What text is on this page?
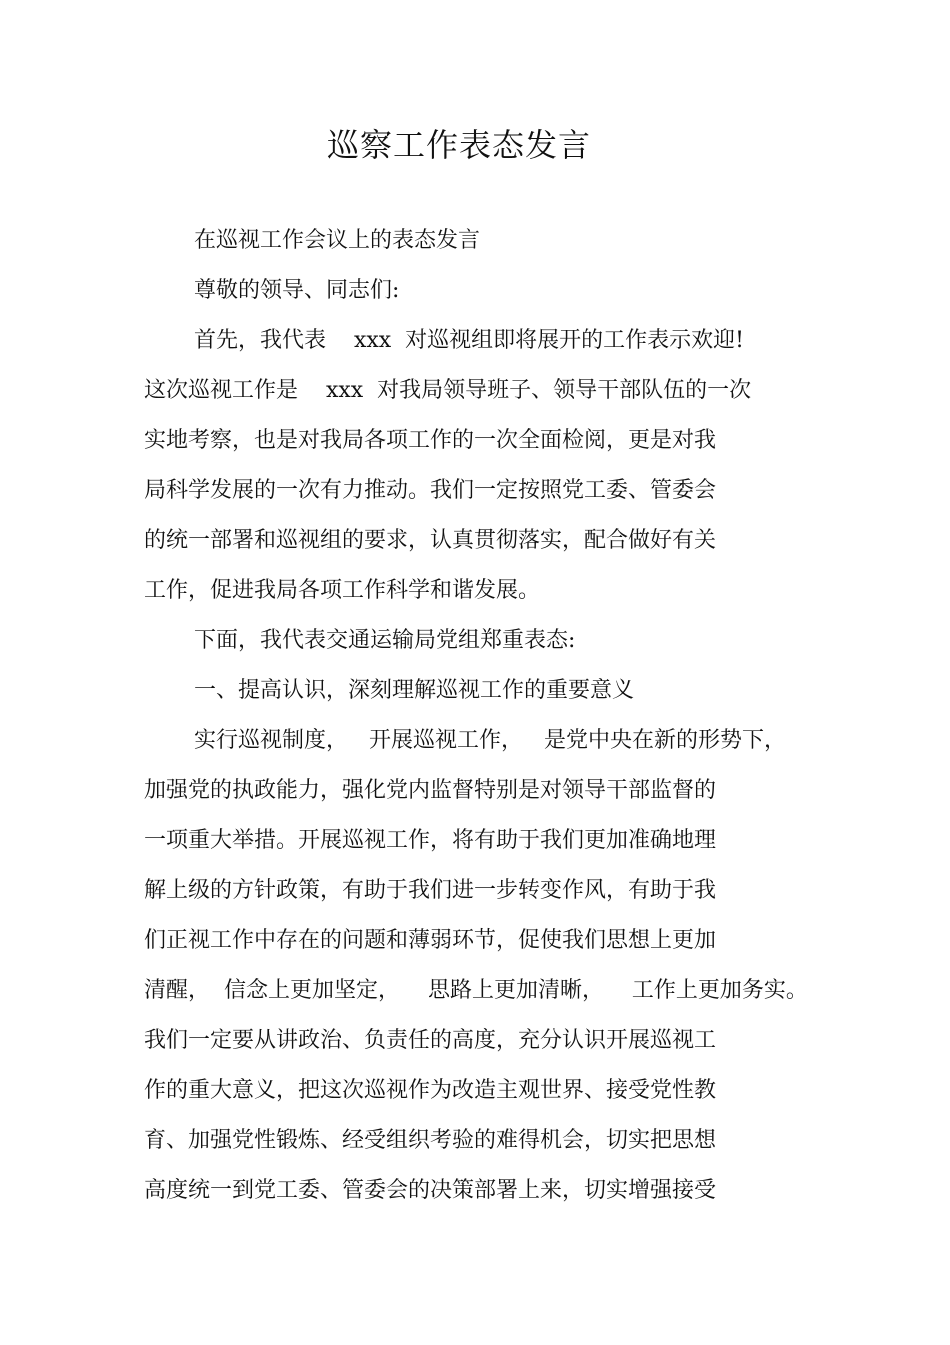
巡察工作表态发言

在巡视工作会议上的表态发言

尊敬的领导、同志们:

首先，我代表    xxx  对巡视组即将展开的工作表示欢迎!

这次巡视工作是    xxx  对我局领导班子、领导干部队伍的一次

实地考察，也是对我局各项工作的一次全面检阅，更是对我

局科学发展的一次有力推动。我们一定按照党工委、管委会

的统一部署和巡视组的要求，认真贯彻落实，配合做好有关

工作，促进我局各项工作科学和谐发展。

下面，我代表交通运输局党组郑重表态:

一、提高认识，深刻理解巡视工作的重要意义

实行巡视制度，   开展巡视工作，   是党中央在新的形势下，

加强党的执政能力，强化党内监督特别是对领导干部监督的

一项重大举措。开展巡视工作，将有助于我们更加准确地理

解上级的方针政策，有助于我们进一步转变作风，有助于我

们正视工作中存在的问题和薄弱环节，促使我们思想上更加

清醒，  信念上更加坚定，    思路上更加清晰，    工作上更加务实。

我们一定要从讲政治、负责任的高度，充分认识开展巡视工

作的重大意义，把这次巡视作为改造主观世界、接受党性教

育、加强党性锻炼、经受组织考验的难得机会，切实把思想

高度统一到党工委、管委会的决策部署上来，切实增强接受
